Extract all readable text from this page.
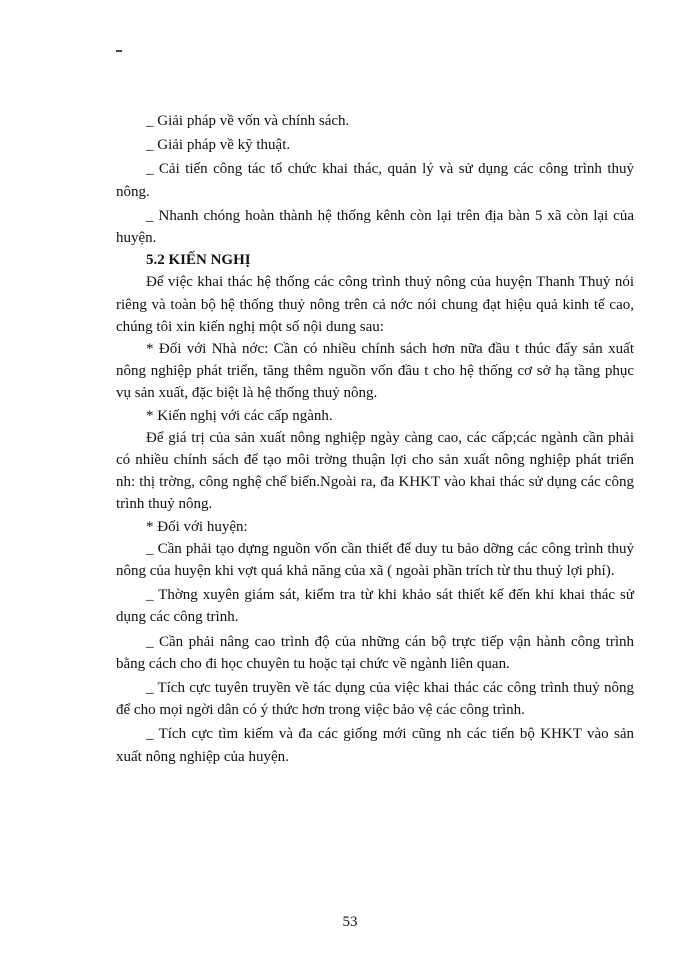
_ Giải pháp về vốn và chính sách.

_ Giải pháp về kỹ thuật.

_ Cải tiến công tác tổ chức khai thác, quản lý và sử dụng các công trình thuỷ nông.

_ Nhanh chóng hoàn thành hệ thống kênh còn lại trên địa bàn 5 xã còn lại của huyện.

5.2 KIẾN NGHỊ

Để việc khai thác hệ thống các công trình thuỷ nông của huyện Thanh Thuỷ nói riêng và toàn bộ hệ thống thuỷ nông trên cả nớc nói chung đạt hiệu quả kinh tế cao, chúng tôi xin kiến nghị một số nội dung sau:

* Đối với Nhà nớc: Cần có nhiều chính sách hơn nữa đầu t thúc đẩy sản xuất nông nghiệp phát triển, tăng thêm nguồn vốn đầu t cho hệ thống cơ sở hạ tầng phục vụ sản xuất, đặc biệt là hệ thống thuỷ nông.

* Kiến nghị với các cấp ngành.

Để giá trị của sản xuất nông nghiệp ngày càng cao, các cấp;các ngành cần phải có nhiều chính sách để tạo môi trờng thuận lợi cho sản xuất nông nghiệp phát triển nh: thị trờng, công nghệ chế biến.Ngoài ra, đa KHKT vào khai thác sử dụng các công trình thuỷ nông.

* Đối với huyện:

_ Cần phải tạo dựng nguồn vốn cần thiết để duy tu bảo dỡng các công trình thuỷ nông của huyện khi vợt quá khả năng của xã ( ngoài phần trích từ thu thuỷ lợi phí).

_ Thờng xuyên giám sát, kiểm tra từ khi khảo sát thiết kế đến khi khai thác sử dụng các công trình.

_ Cần phải nâng cao trình độ của những cán bộ trực tiếp vận hành công trình bằng cách cho đi học chuyên tu hoặc tại chức về ngành liên quan.

_ Tích cực tuyên truyền về tác dụng của việc khai thác các công trình thuỷ nông để cho mọi ngời dân có ý thức hơn trong việc bảo vệ các công trình.

_ Tích cực tìm kiếm và đa các giống mới cũng nh các tiến bộ KHKT vào sản xuất nông nghiệp của huyện.

53
